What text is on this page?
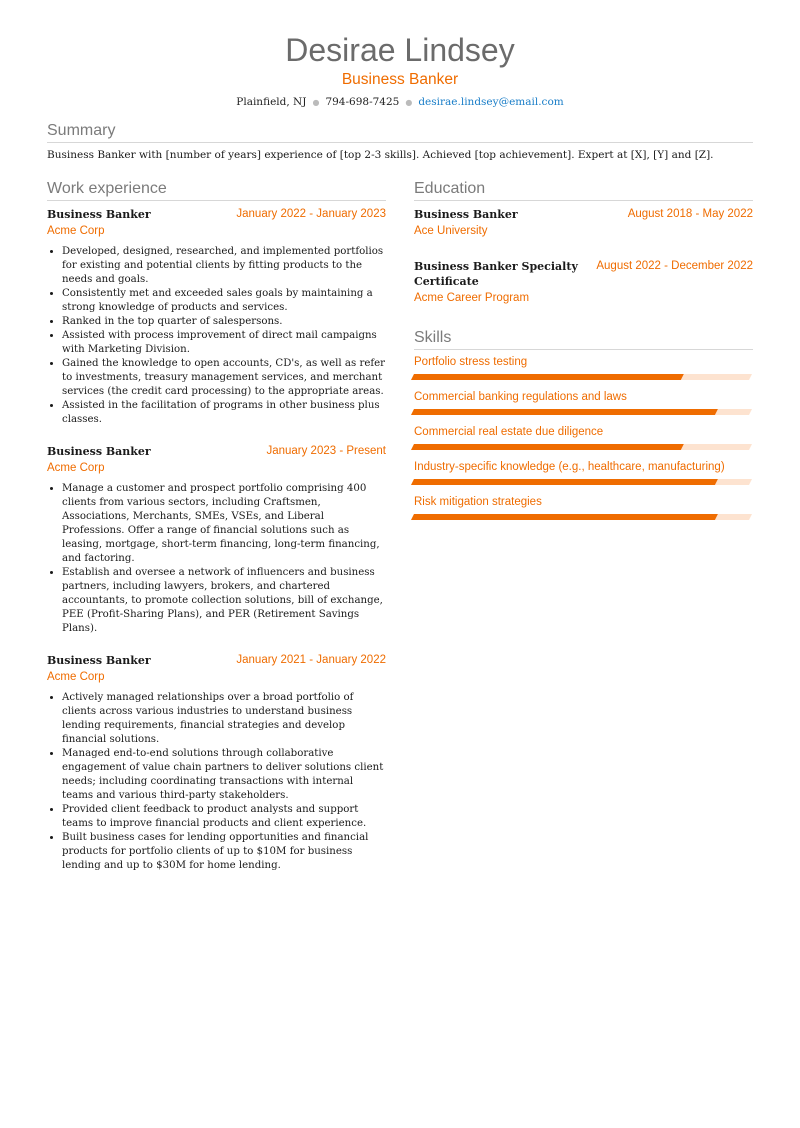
Desirae Lindsey
Business Banker
Plainfield, NJ ● 794-698-7425 ● desirae.lindsey@email.com
Summary
Business Banker with [number of years] experience of [top 2-3 skills]. Achieved [top achievement]. Expert at [X], [Y] and [Z].
Work experience
Business Banker	January 2022 - January 2023
Acme Corp
• Developed, designed, researched, and implemented portfolios for existing and potential clients by fitting products to the needs and goals.
• Consistently met and exceeded sales goals by maintaining a strong knowledge of products and services.
• Ranked in the top quarter of salespersons.
• Assisted with process improvement of direct mail campaigns with Marketing Division.
• Gained the knowledge to open accounts, CD's, as well as refer to investments, treasury management services, and merchant services (the credit card processing) to the appropriate areas.
• Assisted in the facilitation of programs in other business plus classes.
Business Banker	January 2023 - Present
Acme Corp
• Manage a customer and prospect portfolio comprising 400 clients from various sectors, including Craftsmen, Associations, Merchants, SMEs, VSEs, and Liberal Professions. Offer a range of financial solutions such as leasing, mortgage, short-term financing, long-term financing, and factoring.
• Establish and oversee a network of influencers and business partners, including lawyers, brokers, and chartered accountants, to promote collection solutions, bill of exchange, PEE (Profit-Sharing Plans), and PER (Retirement Savings Plans).
Business Banker	January 2021 - January 2022
Acme Corp
• Actively managed relationships over a broad portfolio of clients across various industries to understand business lending requirements, financial strategies and develop financial solutions.
• Managed end-to-end solutions through collaborative engagement of value chain partners to deliver solutions client needs; including coordinating transactions with internal teams and various third-party stakeholders.
• Provided client feedback to product analysts and support teams to improve financial products and client experience.
• Built business cases for lending opportunities and financial products for portfolio clients of up to $10M for business lending and up to $30M for home lending.
Education
Business Banker	August 2018 - May 2022
Ace University
Business Banker Specialty Certificate
August 2022 - December 2022
Acme Career Program
Skills
Portfolio stress testing
Commercial banking regulations and laws
Commercial real estate due diligence
Industry-specific knowledge (e.g., healthcare, manufacturing)
Risk mitigation strategies
